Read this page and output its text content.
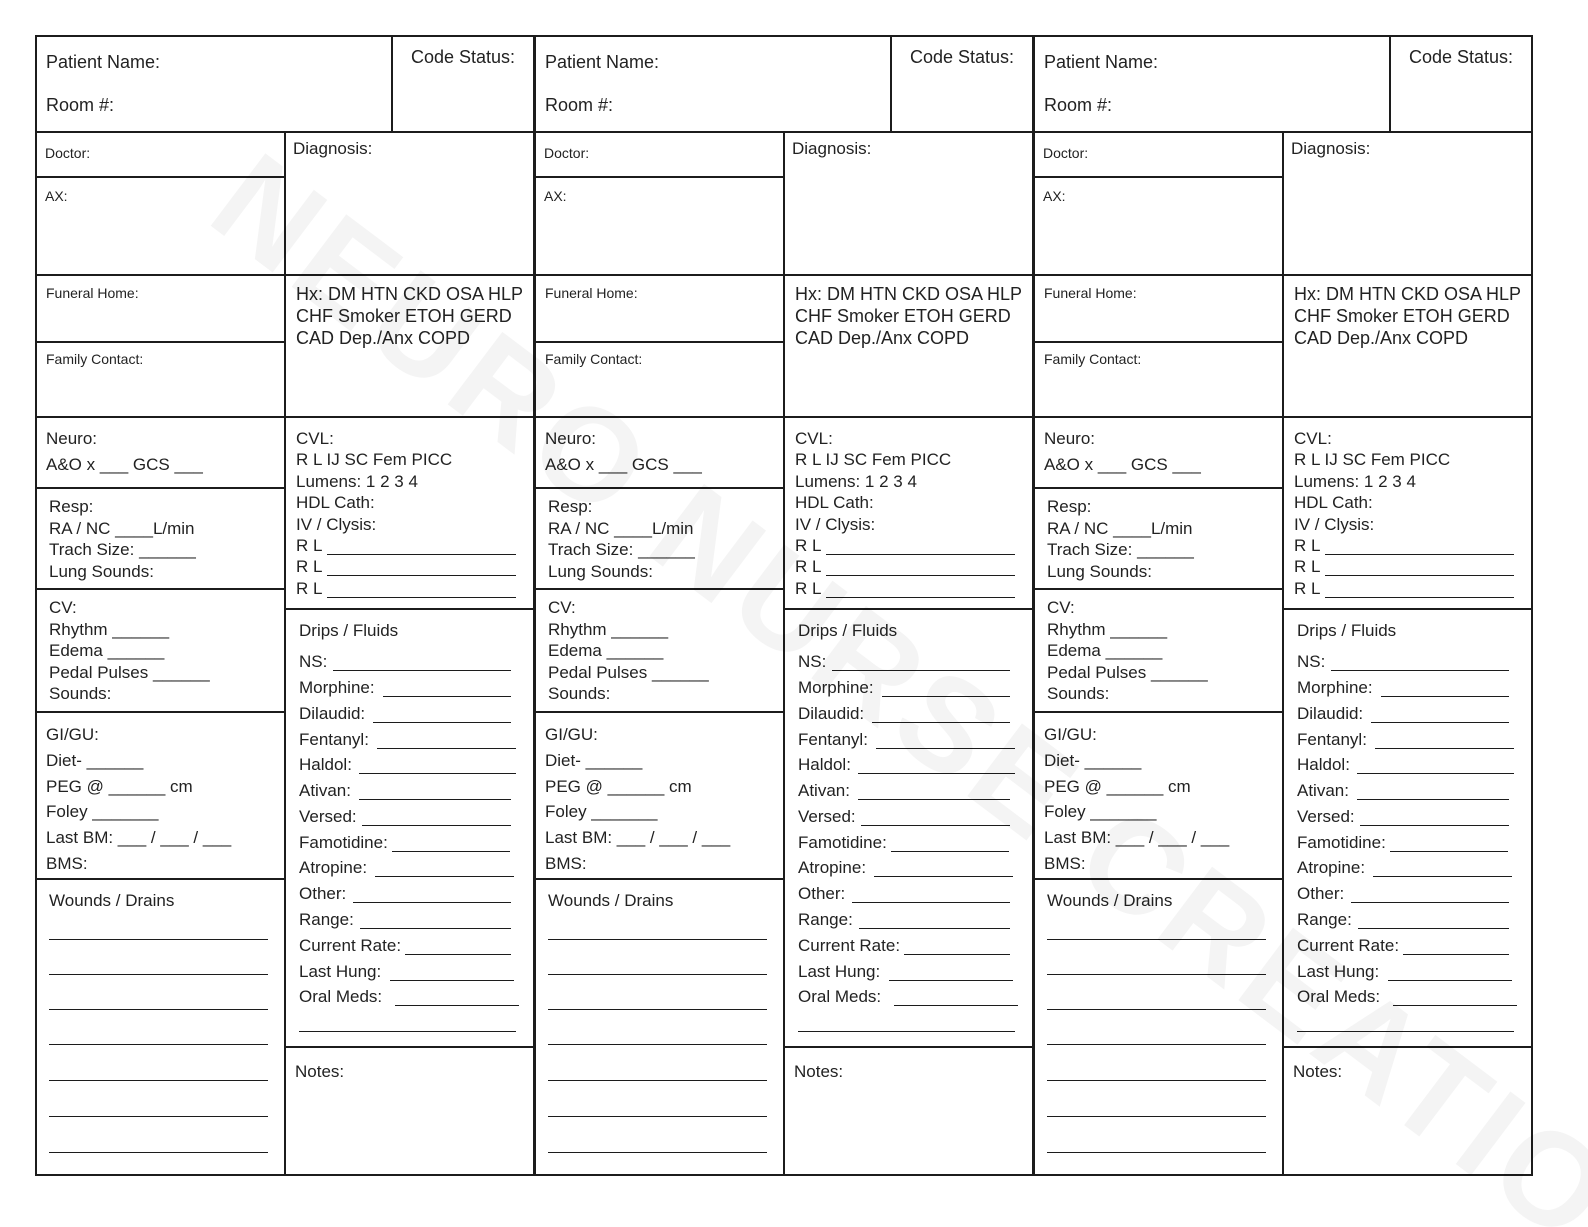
Patient Name:
Room #:
Code Status:
Doctor:
AX:
Funeral Home:
Family Contact:
Neuro:
A&O x ___ GCS ___
Resp:
RA / NC ____L/min
Trach Size: ______
Lung Sounds:
CV:
Rhythm ______
Edema ______
Pedal Pulses ______
Sounds:
GI/GU:
Diet- ______
PEG @ ______ cm
Foley _______
Last BM: ___ / ___ / ___
BMS:
Wounds / Drains
Diagnosis:
Hx: DM HTN CKD OSA HLP
CHF Smoker ETOH GERD
CAD Dep./Anx COPD
CVL:
R L IJ SC Fem PICC
Lumens: 1 2 3 4
HDL Cath:
IV / Clysis:
R L
R L
R L
Drips / Fluids
NS:
Morphine:
Dilaudid:
Fentanyl:
Haldol:
Ativan:
Versed:
Famotidine:
Atropine:
Other:
Range:
Current Rate:
Last Hung:
Oral Meds:
Notes:
Patient Name:
Room #:
Code Status:
Doctor:
AX:
Funeral Home:
Family Contact:
Neuro:
A&O x ___ GCS ___
Resp:
RA / NC ____L/min
Trach Size: ______
Lung Sounds:
CV:
Rhythm ______
Edema ______
Pedal Pulses ______
Sounds:
GI/GU:
Diet- ______
PEG @ ______ cm
Foley _______
Last BM: ___ / ___ / ___
BMS:
Wounds / Drains
Diagnosis:
Hx: DM HTN CKD OSA HLP
CHF Smoker ETOH GERD
CAD Dep./Anx COPD
CVL:
R L IJ SC Fem PICC
Lumens: 1 2 3 4
HDL Cath:
IV / Clysis:
R L
R L
R L
Drips / Fluids
NS:
Morphine:
Dilaudid:
Fentanyl:
Haldol:
Ativan:
Versed:
Famotidine:
Atropine:
Other:
Range:
Current Rate:
Last Hung:
Oral Meds:
Notes:
Patient Name:
Room #:
Code Status:
Doctor:
AX:
Funeral Home:
Family Contact:
Neuro:
A&O x ___ GCS ___
Resp:
RA / NC ____L/min
Trach Size: ______
Lung Sounds:
CV:
Rhythm ______
Edema ______
Pedal Pulses ______
Sounds:
GI/GU:
Diet- ______
PEG @ ______ cm
Foley _______
Last BM: ___ / ___ / ___
BMS:
Wounds / Drains
Diagnosis:
Hx: DM HTN CKD OSA HLP
CHF Smoker ETOH GERD
CAD Dep./Anx COPD
CVL:
R L IJ SC Fem PICC
Lumens: 1 2 3 4
HDL Cath:
IV / Clysis:
R L
R L
R L
Drips / Fluids
NS:
Morphine:
Dilaudid:
Fentanyl:
Haldol:
Ativan:
Versed:
Famotidine:
Atropine:
Other:
Range:
Current Rate:
Last Hung:
Oral Meds:
Notes:
